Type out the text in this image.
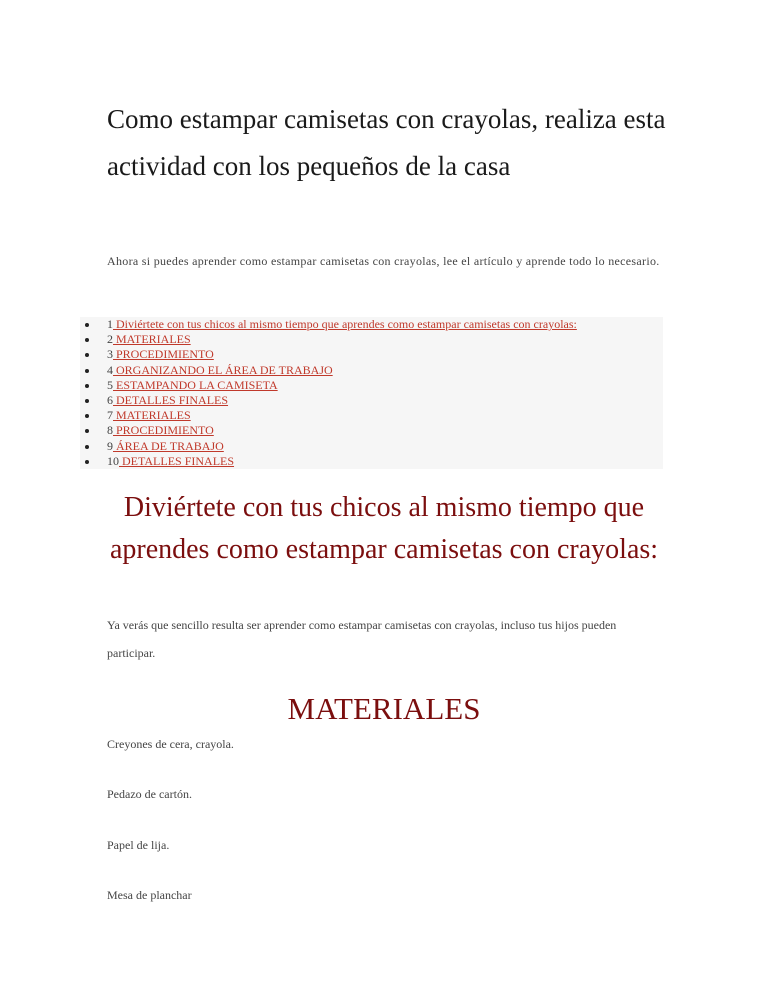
Como estampar camisetas con crayolas, realiza esta actividad con los pequeños de la casa

Ahora si puedes aprender como estampar camisetas con crayolas, lee el artículo y aprende todo lo necesario.

1 Diviértete con tus chicos al mismo tiempo que aprendes como estampar camisetas con crayolas:
2 MATERIALES
3 PROCEDIMIENTO
4 ORGANIZANDO EL ÁREA DE TRABAJO
5 ESTAMPANDO LA CAMISETA
6 DETALLES FINALES
7 MATERIALES
8 PROCEDIMIENTO
9 ÁREA DE TRABAJO
10 DETALLES FINALES
Diviértete con tus chicos al mismo tiempo que aprendes como estampar camisetas con crayolas:

Ya verás que sencillo resulta ser aprender como estampar camisetas con crayolas, incluso tus hijos pueden participar.

MATERIALES

Creyones de cera, crayola.

Pedazo de cartón.

Papel de lija.

Mesa de planchar
